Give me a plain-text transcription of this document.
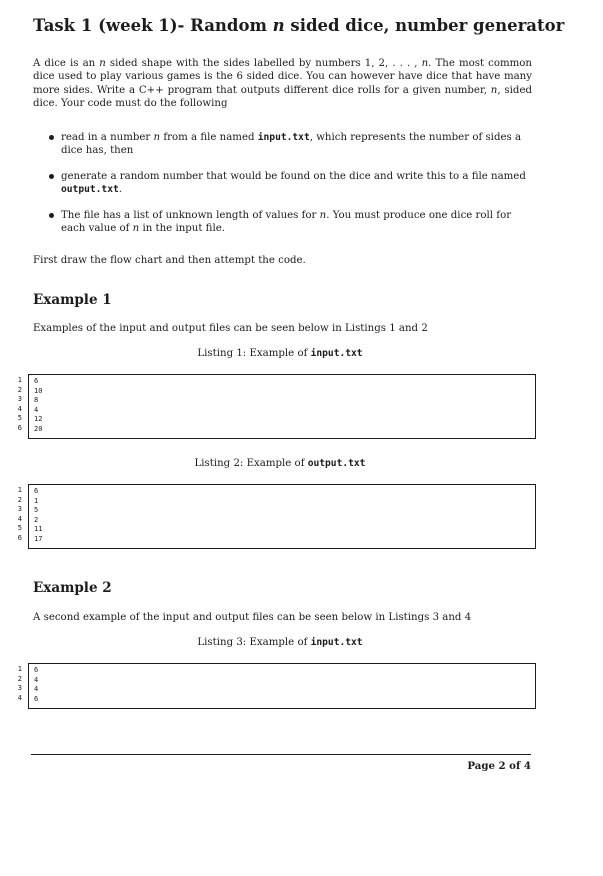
Task 1 (week 1)- Random n sided dice, number generator
A dice is an n sided shape with the sides labelled by numbers 1, 2, . . . , n. The most common dice used to play various games is the 6 sided dice. You can however have dice that have many more sides. Write a C++ program that outputs different dice rolls for a given number, n, sided dice. Your code must do the following
read in a number n from a file named input.txt, which represents the number of sides a dice has, then
generate a random number that would be found on the dice and write this to a file named output.txt.
The file has a list of unknown length of values for n. You must produce one dice roll for each value of n in the input file.
First draw the flow chart and then attempt the code.
Example 1
Examples of the input and output files can be seen below in Listings 1 and 2
Listing 1: Example of input.txt
1
2
3
4
5
6
6
10
8
4
12
20
Listing 2: Example of output.txt
1
2
3
4
5
6
6
1
5
2
11
17
Example 2
A second example of the input and output files can be seen below in Listings 3 and 4
Listing 3: Example of input.txt
1
2
3
4
6
4
4
6
Page 2 of 4
